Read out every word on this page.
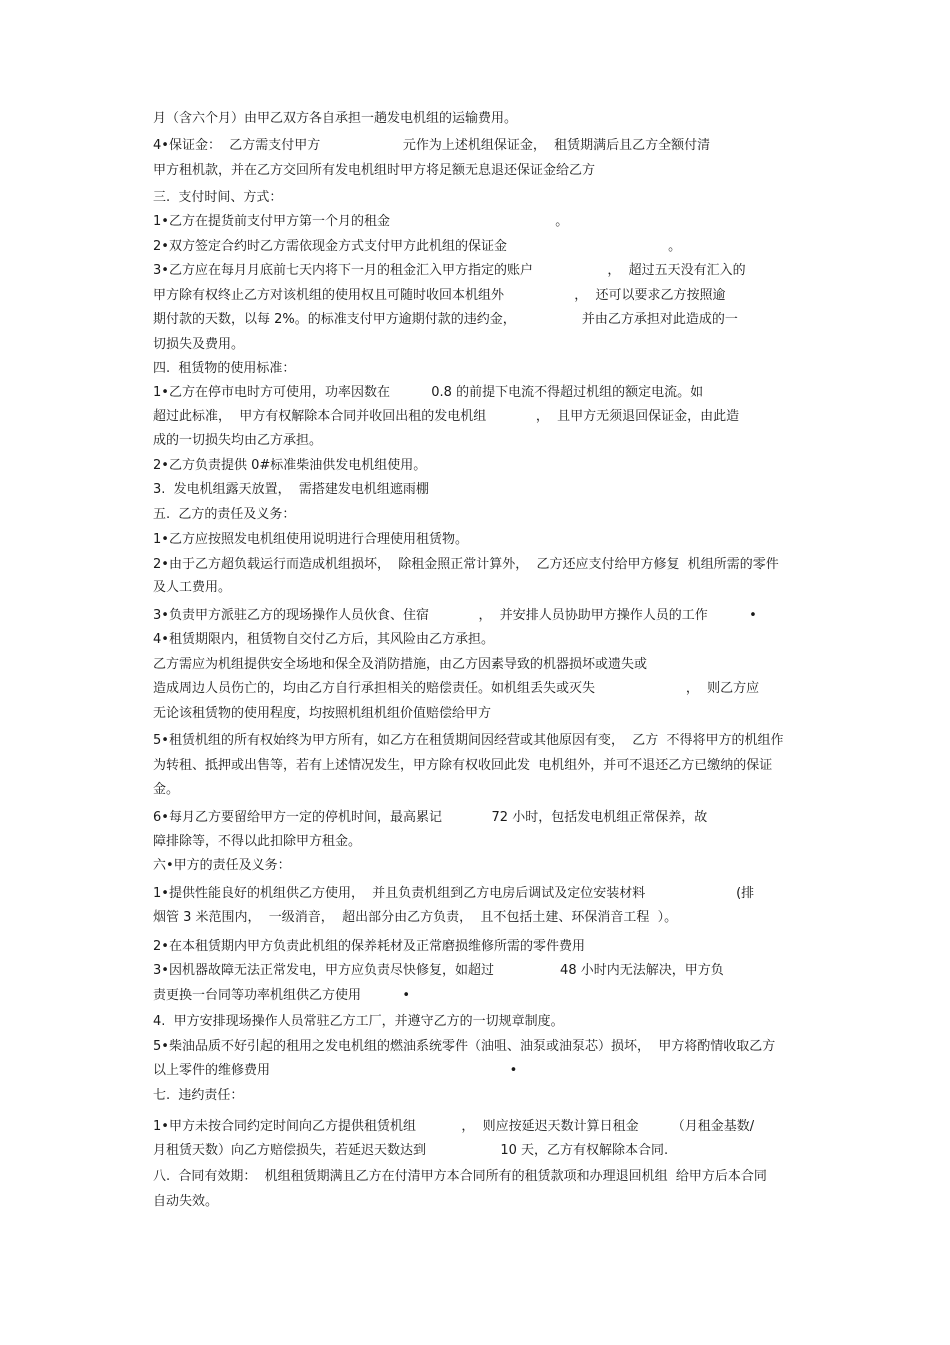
月（含六个月）由甲乙双方各自承担一趟发电机组的运输费用。
4•保证金：  乙方需支付甲方                    元作为上述机组保证金，  租赁期满后且乙方全额付清
甲方租机款，并在乙方交回所有发电机组时甲方将足额无息退还保证金给乙方
三.  支付时间、方式：
1•乙方在提货前支付甲方第一个月的租金                                        。
2•双方签定合约时乙方需依现金方式支付甲方此机组的保证金                                       。
3•乙方应在每月月底前七天内将下一月的租金汇入甲方指定的账户                  ，  超过五天没有汇入的
甲方除有权终止乙方对该机组的使用权且可随时收回本机组外                 ，  还可以要求乙方按照逾
期付款的天数，以每 2%。的标准支付甲方逾期付款的违约金，                并由乙方承担对此造成的一
切损失及费用。
四.  租赁物的使用标准：
1•乙方在停市电时方可使用，功率因数在          0.8 的前提下电流不得超过机组的额定电流。如
超过此标准，  甲方有权解除本合同并收回出租的发电机组            ，  且甲方无须退回保证金，由此造
成的一切损失均由乙方承担。
2•乙方负责提供 0#标准柴油供发电机组使用。
3.  发电机组露天放置，  需搭建发电机组遮雨棚
五.  乙方的责任及义务：
1•乙方应按照发电机组使用说明进行合理使用租赁物。
2•由于乙方超负载运行而造成机组损坏，  除租金照正常计算外，  乙方还应支付给甲方修复  机组所需的零件
及人工费用。
3•负责甲方派驻乙方的现场操作人员伙食、住宿            ，  并安排人员协助甲方操作人员的工作          •
4•租赁期限内，租赁物自交付乙方后，其风险由乙方承担。
乙方需应为机组提供安全场地和保全及消防措施，由乙方因素导致的机器损坏或遗失或
造成周边人员伤亡的，均由乙方自行承担相关的赔偿责任。如机组丢失或灭失                      ，  则乙方应
无论该租赁物的使用程度，均按照机组机组价值赔偿给甲方
5•租赁机组的所有权始终为甲方所有，如乙方在租赁期间因经营或其他原因有变，  乙方  不得将甲方的机组作
为转租、抵押或出售等，若有上述情况发生，甲方除有权收回此发  电机组外，并可不退还乙方已缴纳的保证
金。
6•每月乙方要留给甲方一定的停机时间，最高累记            72 小时，包括发电机组正常保养，故
障排除等，不得以此扣除甲方租金。
六•甲方的责任及义务：
1•提供性能良好的机组供乙方使用，  并且负责机组到乙方电房后调试及定位安装材料                      (排
烟管 3 米范围内，  一级消音，  超出部分由乙方负责，  且不包括土建、环保消音工程  ）。
2•在本租赁期内甲方负责此机组的保养耗材及正常磨损维修所需的零件费用
3•因机器故障无法正常发电，甲方应负责尽快修复，如超过                48 小时内无法解决，甲方负
责更换一台同等功率机组供乙方使用          •
4.  甲方安排现场操作人员常驻乙方工厂，并遵守乙方的一切规章制度。
5•柴油品质不好引起的租用之发电机组的燃油系统零件（油咀、油泵或油泵芯）损坏，  甲方将酌情收取乙方
以上零件的维修费用                                                          •
七.  违约责任：
1•甲方未按合同约定时间向乙方提供租赁机组           ，  则应按延迟天数计算日租金        （月租金基数/
月租赁天数）向乙方赔偿损失，若延迟天数达到                  10 天，乙方有权解除本合同.
八.  合同有效期：  机组租赁期满且乙方在付清甲方本合同所有的租赁款项和办理退回机组  给甲方后本合同
自动失效。
